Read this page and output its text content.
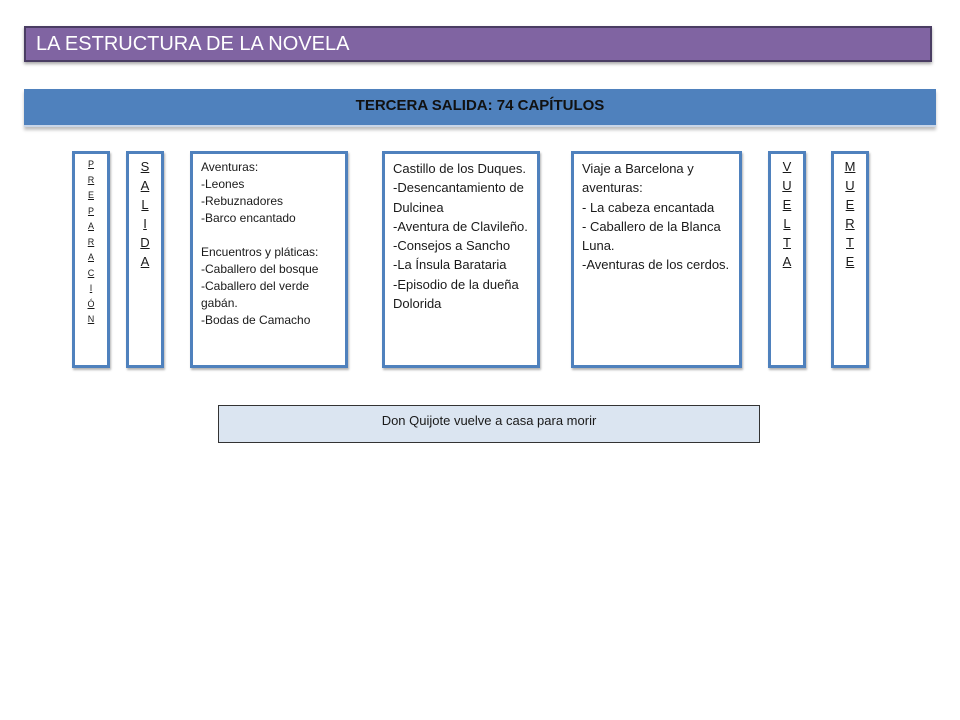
LA ESTRUCTURA DE LA NOVELA
TERCERA SALIDA: 74 CAPÍTULOS
P
R
E
P
A
R
A
C
I
Ó
N
S
A
L
I
D
A
Aventuras:
-Leones
-Rebuznadores
-Barco encantado

Encuentros y pláticas:
-Caballero del bosque
-Caballero del verde gabán.
-Bodas de Camacho
Castillo de los Duques.
-Desencantamiento de Dulcinea
-Aventura de Clavileño.
-Consejos a Sancho
-La Ínsula Barataria
-Episodio de la dueña Dolorida
Viaje a Barcelona y aventuras:
- La cabeza encantada
- Caballero de la Blanca Luna.
-Aventuras de los cerdos.
V
U
E
L
T
A
M
U
E
R
T
E
Don Quijote vuelve a casa para morir
